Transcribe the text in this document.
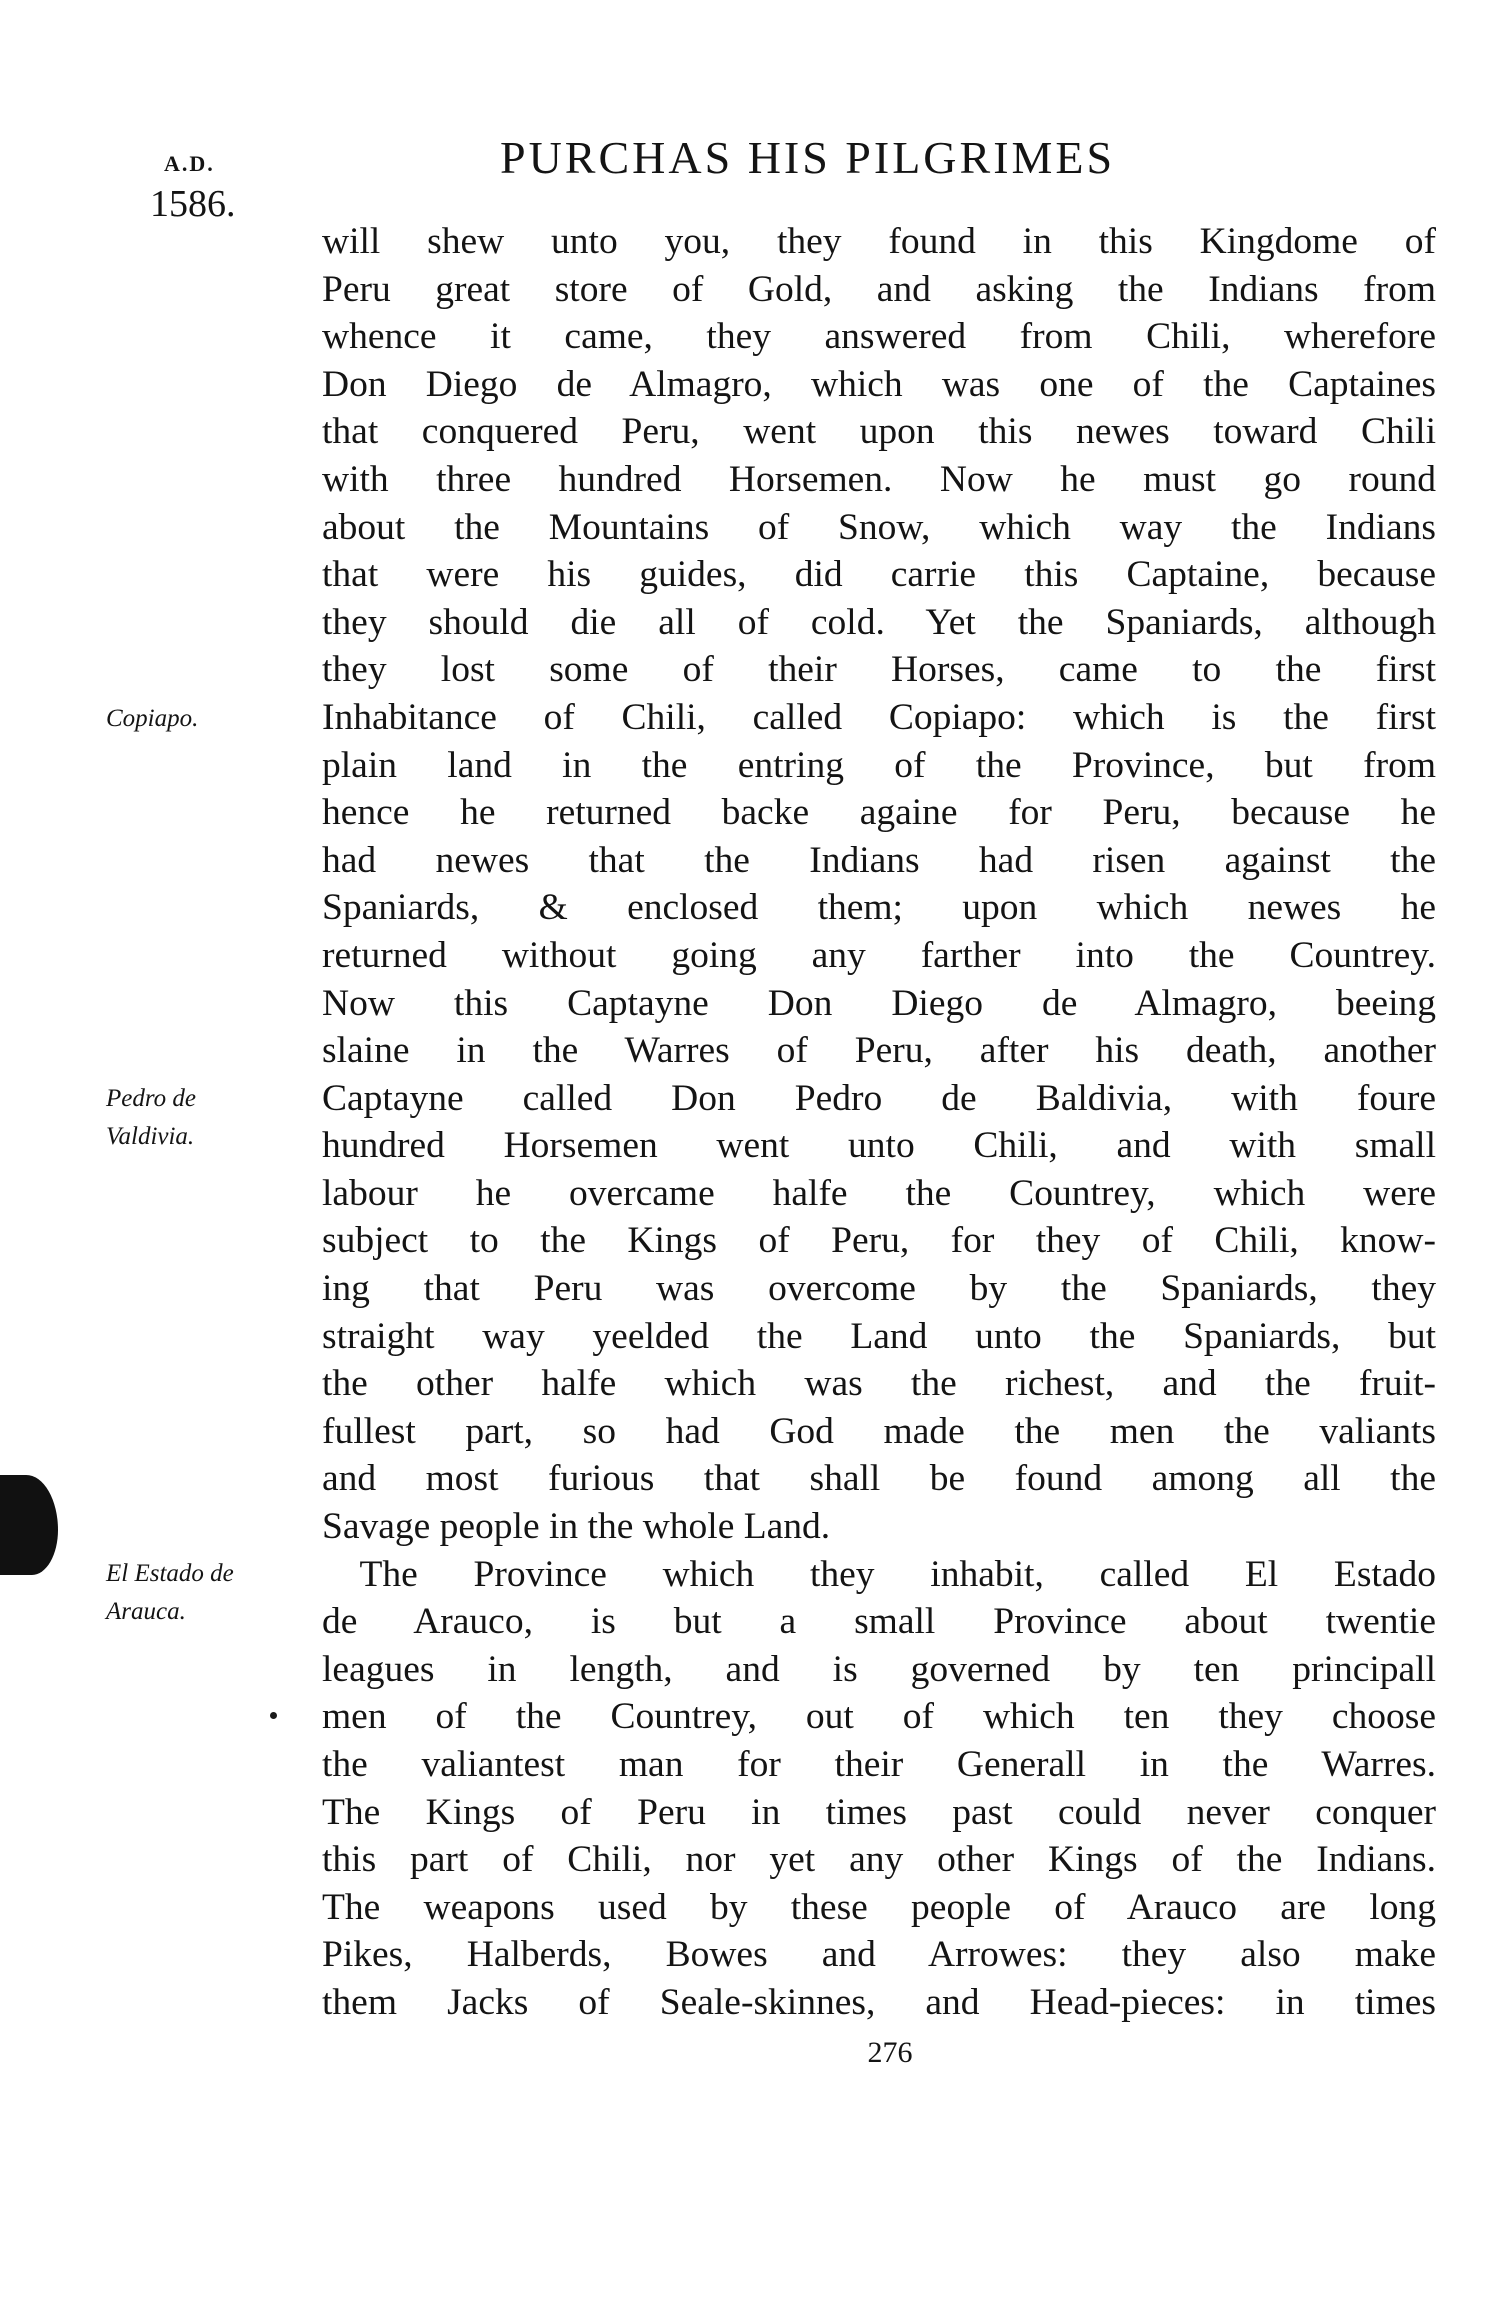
A.D.
1586.
PURCHAS HIS PILGRIMES
Copiapo.
Pedro de
Valdivia.
El Estado de
Arauca.
will shew unto you, they found in this Kingdome of
Peru great store of Gold, and asking the Indians from
whence it came, they answered from Chili, wherefore
Don Diego de Almagro, which was one of the Captaines
that conquered Peru, went upon this newes toward Chili
with three hundred Horsemen. Now he must go round
about the Mountains of Snow, which way the Indians
that were his guides, did carrie this Captaine, because
they should die all of cold. Yet the Spaniards, although
they lost some of their Horses, came to the first
Inhabitance of Chili, called Copiapo: which is the first
plain land in the entring of the Province, but from
hence he returned backe againe for Peru, because he
had newes that the Indians had risen against the
Spaniards, & enclosed them; upon which newes he
returned without going any farther into the Countrey.
Now this Captayne Don Diego de Almagro, beeing
slaine in the Warres of Peru, after his death, another
Captayne called Don Pedro de Baldivia, with foure
hundred Horsemen went unto Chili, and with small
labour he overcame halfe the Countrey, which were
subject to the Kings of Peru, for they of Chili, know-
ing that Peru was overcome by the Spaniards, they
straight way yeelded the Land unto the Spaniards, but
the other halfe which was the richest, and the fruit-
fullest part, so had God made the men the valiants
and most furious that shall be found among all the
Savage people in the whole Land.
 The Province which they inhabit, called El Estado
de Arauco, is but a small Province about twentie
leagues in length, and is governed by ten principall
men of the Countrey, out of which ten they choose
the valiantest man for their Generall in the Warres.
The Kings of Peru in times past could never conquer
this part of Chili, nor yet any other Kings of the Indians.
The weapons used by these people of Arauco are long
Pikes, Halberds, Bowes and Arrowes: they also make
them Jacks of Seale-skinnes, and Head-pieces: in times
276
